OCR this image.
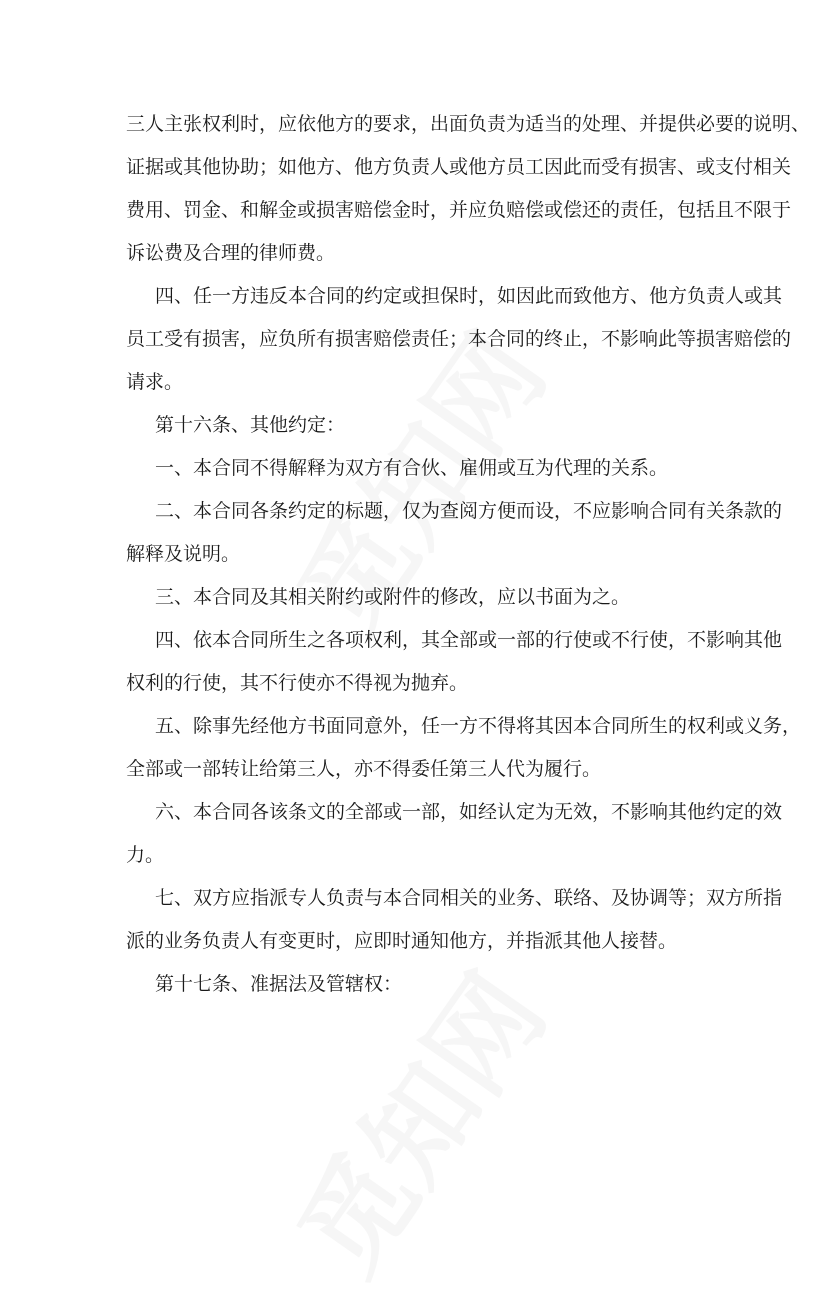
三人主张权利时，应依他方的要求，出面负责为适当的处理、并提供必要的说明、
证据或其他协助；如他方、他方负责人或他方员工因此而受有损害、或支付相关
费用、罚金、和解金或损害赔偿金时，并应负赔偿或偿还的责任，包括且不限于
诉讼费及合理的律师费。
四、任一方违反本合同的约定或担保时，如因此而致他方、他方负责人或其
员工受有损害，应负所有损害赔偿责任；本合同的终止，不影响此等损害赔偿的
请求。
第十六条、其他约定：
一、本合同不得解释为双方有合伙、雇佣或互为代理的关系。
二、本合同各条约定的标题，仅为查阅方便而设，不应影响合同有关条款的
解释及说明。
三、本合同及其相关附约或附件的修改，应以书面为之。
四、依本合同所生之各项权利，其全部或一部的行使或不行使，不影响其他
权利的行使，其不行使亦不得视为抛弃。
五、除事先经他方书面同意外，任一方不得将其因本合同所生的权利或义务，
全部或一部转让给第三人，亦不得委任第三人代为履行。
六、本合同各该条文的全部或一部，如经认定为无效，不影响其他约定的效
力。
七、双方应指派专人负责与本合同相关的业务、联络、及协调等；双方所指
派的业务负责人有变更时，应即时通知他方，并指派其他人接替。
第十七条、准据法及管辖权：
